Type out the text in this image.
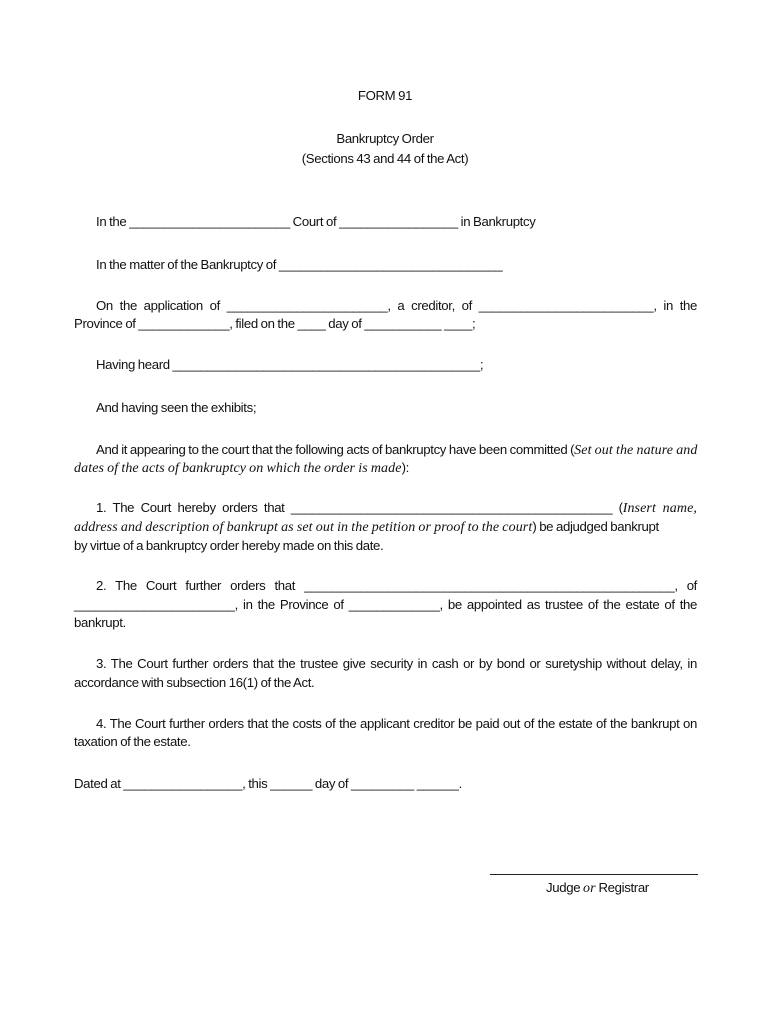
FORM 91
Bankruptcy Order
(Sections 43 and 44 of the Act)
In the _______________________ Court of _________________ in Bankruptcy
In the matter of the Bankruptcy of ________________________________
On the application of _______________________, a creditor, of _________________________, in the
Province of _____________, filed on the ____ day of ___________ ____;
Having heard ____________________________________________;
And having seen the exhibits;
And it appearing to the court that the following acts of bankruptcy have been committed (Set out the nature and
dates of the acts of bankruptcy on which the order is made):
1. The Court hereby orders that ______________________________________________ (Insert name,
address and description of bankrupt as set out in the petition or proof to the court) be adjudged bankrupt
by virtue of a bankruptcy order hereby made on this date.
2. The Court further orders that _____________________________________________________, of
_______________________, in the Province of _____________, be appointed as trustee of the estate of the
bankrupt.
3. The Court further orders that the trustee give security in cash or by bond or suretyship without delay, in
accordance with subsection 16(1) of the Act.
4. The Court further orders that the costs of the applicant creditor be paid out of the estate of the bankrupt on
taxation of the estate.
Dated at _________________, this ______ day of _________ ______.
Judge or Registrar
